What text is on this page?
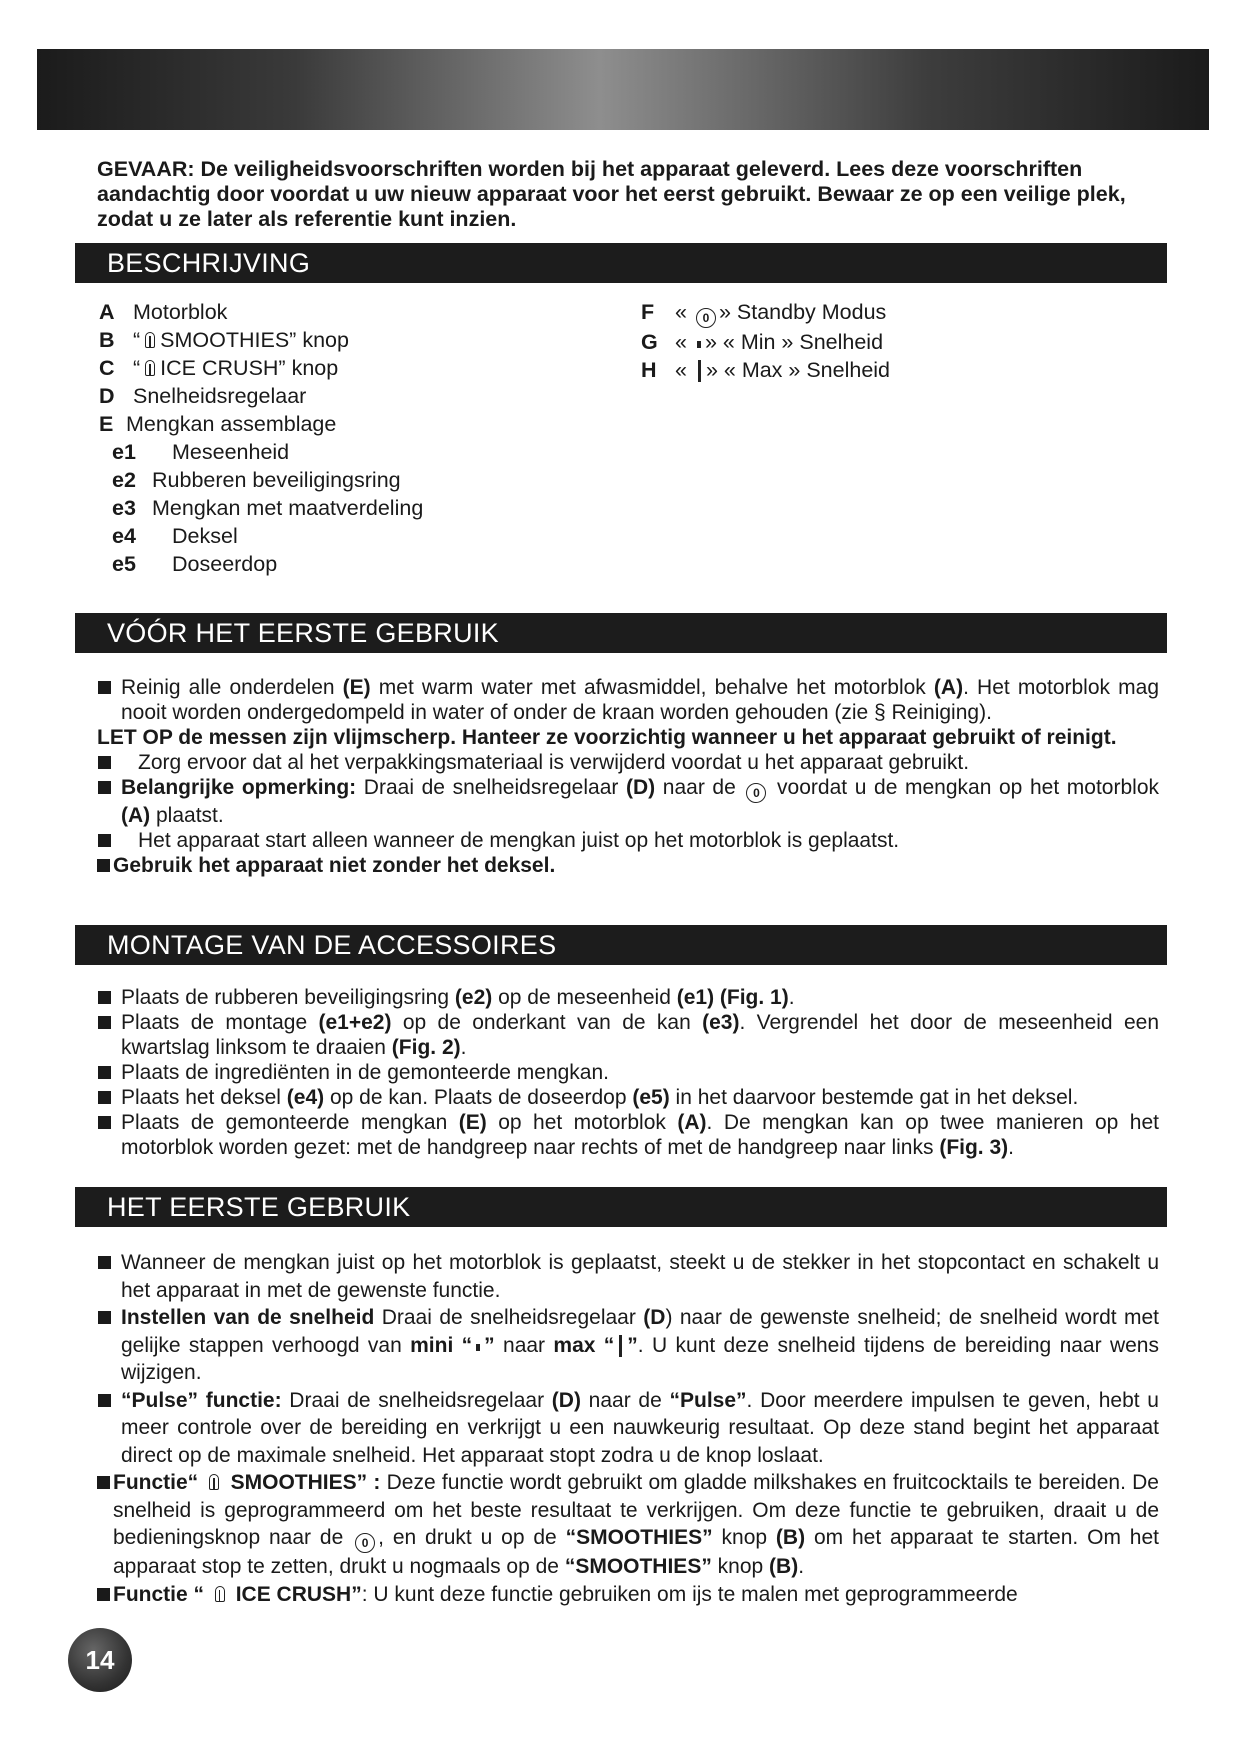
GEVAAR: De veiligheidsvoorschriften worden bij het apparaat geleverd. Lees deze voorschriften aandachtig door voordat u uw nieuw apparaat voor het eerst gebruikt. Bewaar ze op een veilige plek, zodat u ze later als referentie kunt inzien.

BESCHRIJVING
A Motorblok
B “ SMOOTHIES” knop
C “ ICE CRUSH” knop
D Snelheidsregelaar
E Mengkan assemblage
e1 Meseenheid
e2 Rubberen beveiligingsring
e3 Mengkan met maatverdeling
e4 Deksel
e5 Doseerdop
F « 0 » Standby Modus
G « » « Min » Snelheid
H « » « Max » Snelheid
VÓÓR HET EERSTE GEBRUIK

Reinig alle onderdelen (E) met warm water met afwasmiddel, behalve het motorblok (A). Het motorblok mag nooit worden ondergedompeld in water of onder de kraan worden gehouden (zie § Reiniging).

LET OP de messen zijn vlijmscherp. Hanteer ze voorzichtig wanneer u het apparaat gebruikt of reinigt.

Zorg ervoor dat al het verpakkingsmateriaal is verwijderd voordat u het apparaat gebruikt.

Belangrijke opmerking: Draai de snelheidsregelaar (D) naar de 0 voordat u de mengkan op het motorblok (A) plaatst.

Het apparaat start alleen wanneer de mengkan juist op het motorblok is geplaatst.

Gebruik het apparaat niet zonder het deksel.

MONTAGE VAN DE ACCESSOIRES

Plaats de rubberen beveiligingsring (e2) op de meseenheid (e1) (Fig. 1).

Plaats de montage (e1+e2) op de onderkant van de kan (e3). Vergrendel het door de meseenheid een kwartslag linksom te draaien (Fig. 2).

Plaats de ingrediënten in de gemonteerde mengkan.

Plaats het deksel (e4) op de kan. Plaats de doseerdop (e5) in het daarvoor bestemde gat in het deksel.

Plaats de gemonteerde mengkan (E) op het motorblok (A). De mengkan kan op twee manieren op het motorblok worden gezet: met de handgreep naar rechts of met de handgreep naar links (Fig. 3).

HET EERSTE GEBRUIK

Wanneer de mengkan juist op het motorblok is geplaatst, steekt u de stekker in het stopcontact en schakelt u het apparaat in met de gewenste functie.

Instellen van de snelheid Draai de snelheidsregelaar (D) naar de gewenste snelheid; de snelheid wordt met gelijke stappen verhoogd van mini “ ” naar max “ ”. U kunt deze snelheid tijdens de bereiding naar wens wijzigen.

“Pulse” functie: Draai de snelheidsregelaar (D) naar de “Pulse”. Door meerdere impulsen te geven, hebt u meer controle over de bereiding en verkrijgt u een nauwkeurig resultaat. Op deze stand begint het apparaat direct op de maximale snelheid. Het apparaat stopt zodra u de knop loslaat.

Functie“ SMOOTHIES” : Deze functie wordt gebruikt om gladde milkshakes en fruitcocktails te bereiden. De snelheid is geprogrammeerd om het beste resultaat te verkrijgen. Om deze functie te gebruiken, draait u de bedieningsknop naar de 0 , en drukt u op de “SMOOTHIES” knop (B) om het apparaat te starten. Om het apparaat stop te zetten, drukt u nogmaals op de “SMOOTHIES” knop (B).

Functie “ ICE CRUSH”: U kunt deze functie gebruiken om ijs te malen met geprogrammeerde

14
